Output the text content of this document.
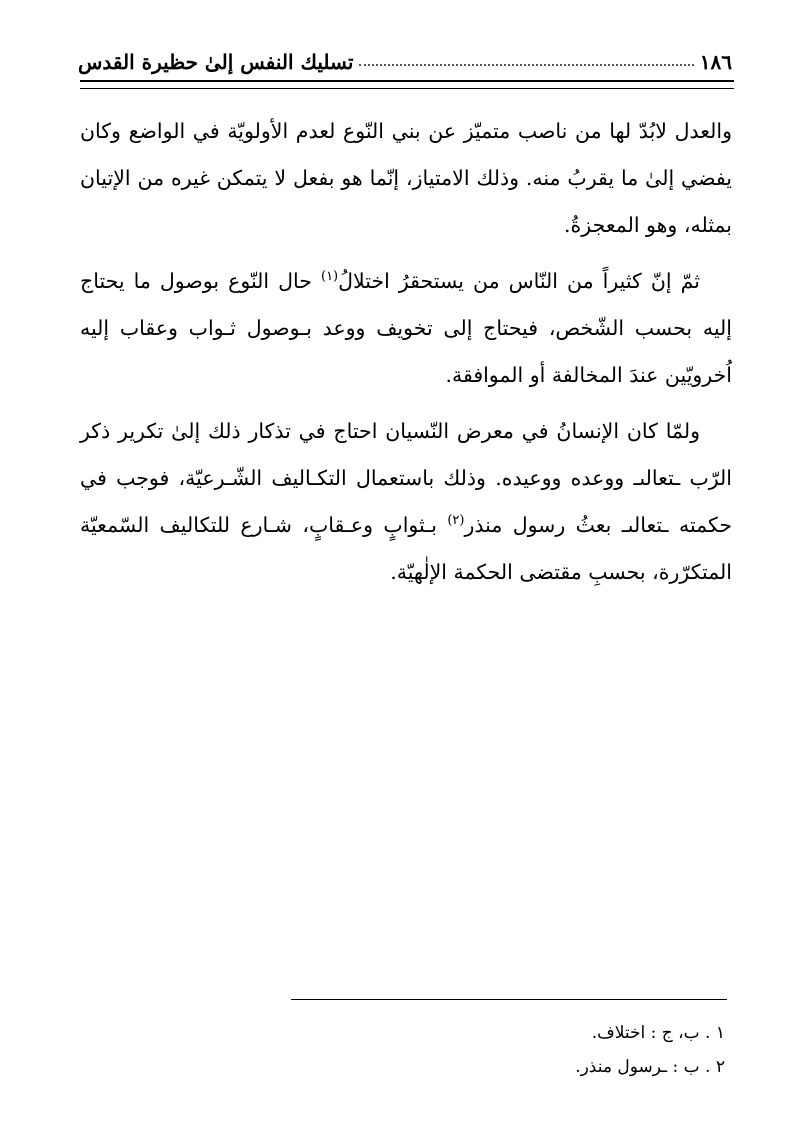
١٨٦
تسليك النفس إلىٰ حظيرة القدس

والعدل لابُدّ لها من ناصب متميّز عن بني النّوع لعدم الأولويّة في الواضع وكان يفضي إلىٰ ما يقربُ منه. وذلك الامتياز، إنّما هو بفعل لا يتمكن غيره من الإتيان بمثله، وهو المعجزةُ.

ثمّ إنّ كثيراً من النّاس من يستحقرُ اختلالُ$^{(١)}$ حال النّوع بوصول ما يحتاج إليه بحسب الشّخص، فيحتاج إلى تخويف ووعد بـوصول ثـواب وعقاب إليه اُخرويّين عندَ المخالفة أو الموافقة.

ولمّا كان الإنسانُ في معرض النّسيان احتاج في تذكار ذلك إلىٰ تكرير ذكر الرّب ـتعالىـ ووعده ووعيده. وذلك باستعمال التكـاليف الشّـرعيّة، فوجب في حكمته ـتعالىـ بعثُ رسول منذر$^{(٢)}$ بـثوابٍ وعـقابٍ، شـارع للتكاليف السّمعيّة المتكرّرة، بحسبِ مقتضى الحكمة الإلٰهيّة.

١ . ب، ج : اختلاف.
٢ . ب : ـرسول منذر.
